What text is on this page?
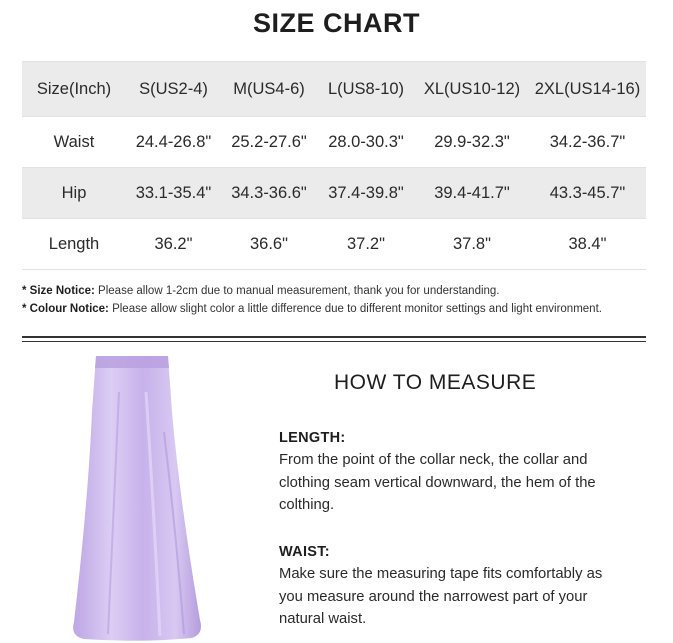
SIZE CHART
Size(Inch)	S(US2-4)	M(US4-6)	L(US8-10)	XL(US10-12)	2XL(US14-16)
Waist	24.4-26.8"	25.2-27.6"	28.0-30.3"	29.9-32.3"	34.2-36.7"
Hip	33.1-35.4"	34.3-36.6"	37.4-39.8"	39.4-41.7"	43.3-45.7"
Length	36.2"	36.6"	37.2"	37.8"	38.4"
* Size Notice: Please allow 1-2cm due to manual measurement, thank you for understanding.
* Colour Notice: Please allow slight color a little difference due to different monitor settings and light environment.
HOW TO MEASURE
LENGTH:
From the point of the collar neck, the collar and clothing seam vertical downward, the hem of the colthing.
WAIST:
Make sure the measuring tape fits comfortably as you measure around the narrowest part of your natural waist.
